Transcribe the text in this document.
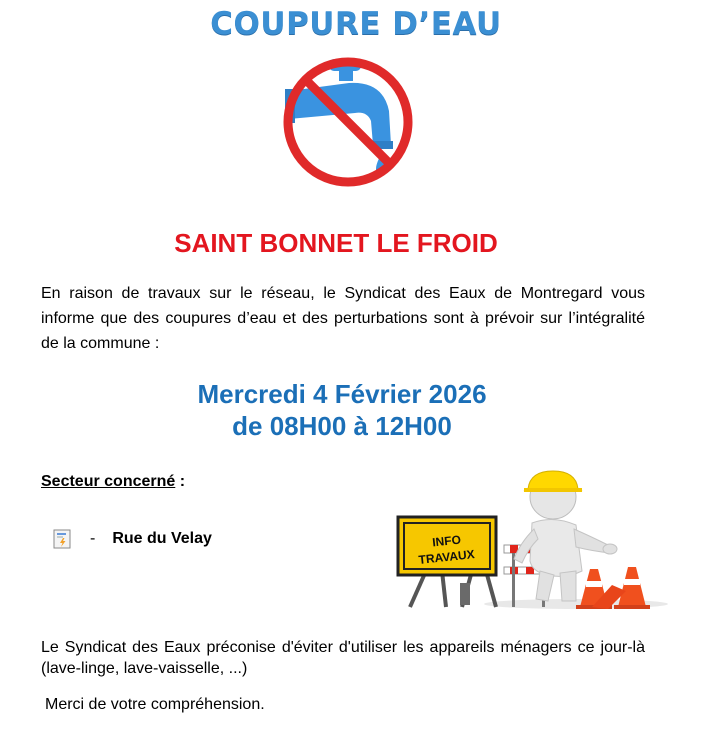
COUPURE D’EAU
SAINT BONNET LE FROID
En raison de travaux sur le réseau, le Syndicat des Eaux de Montregard vous informe que des coupures d’eau et des perturbations sont à prévoir sur l’intégralité de la commune :
Mercredi 4 Février 2026
de 08H00 à 12H00
Secteur concerné :
- Rue du Velay	INFO
TRAVAUX
Le Syndicat des Eaux préconise d'éviter d'utiliser les appareils ménagers ce jour-là (lave-linge, lave-vaisselle, ...)
Merci de votre compréhension.
